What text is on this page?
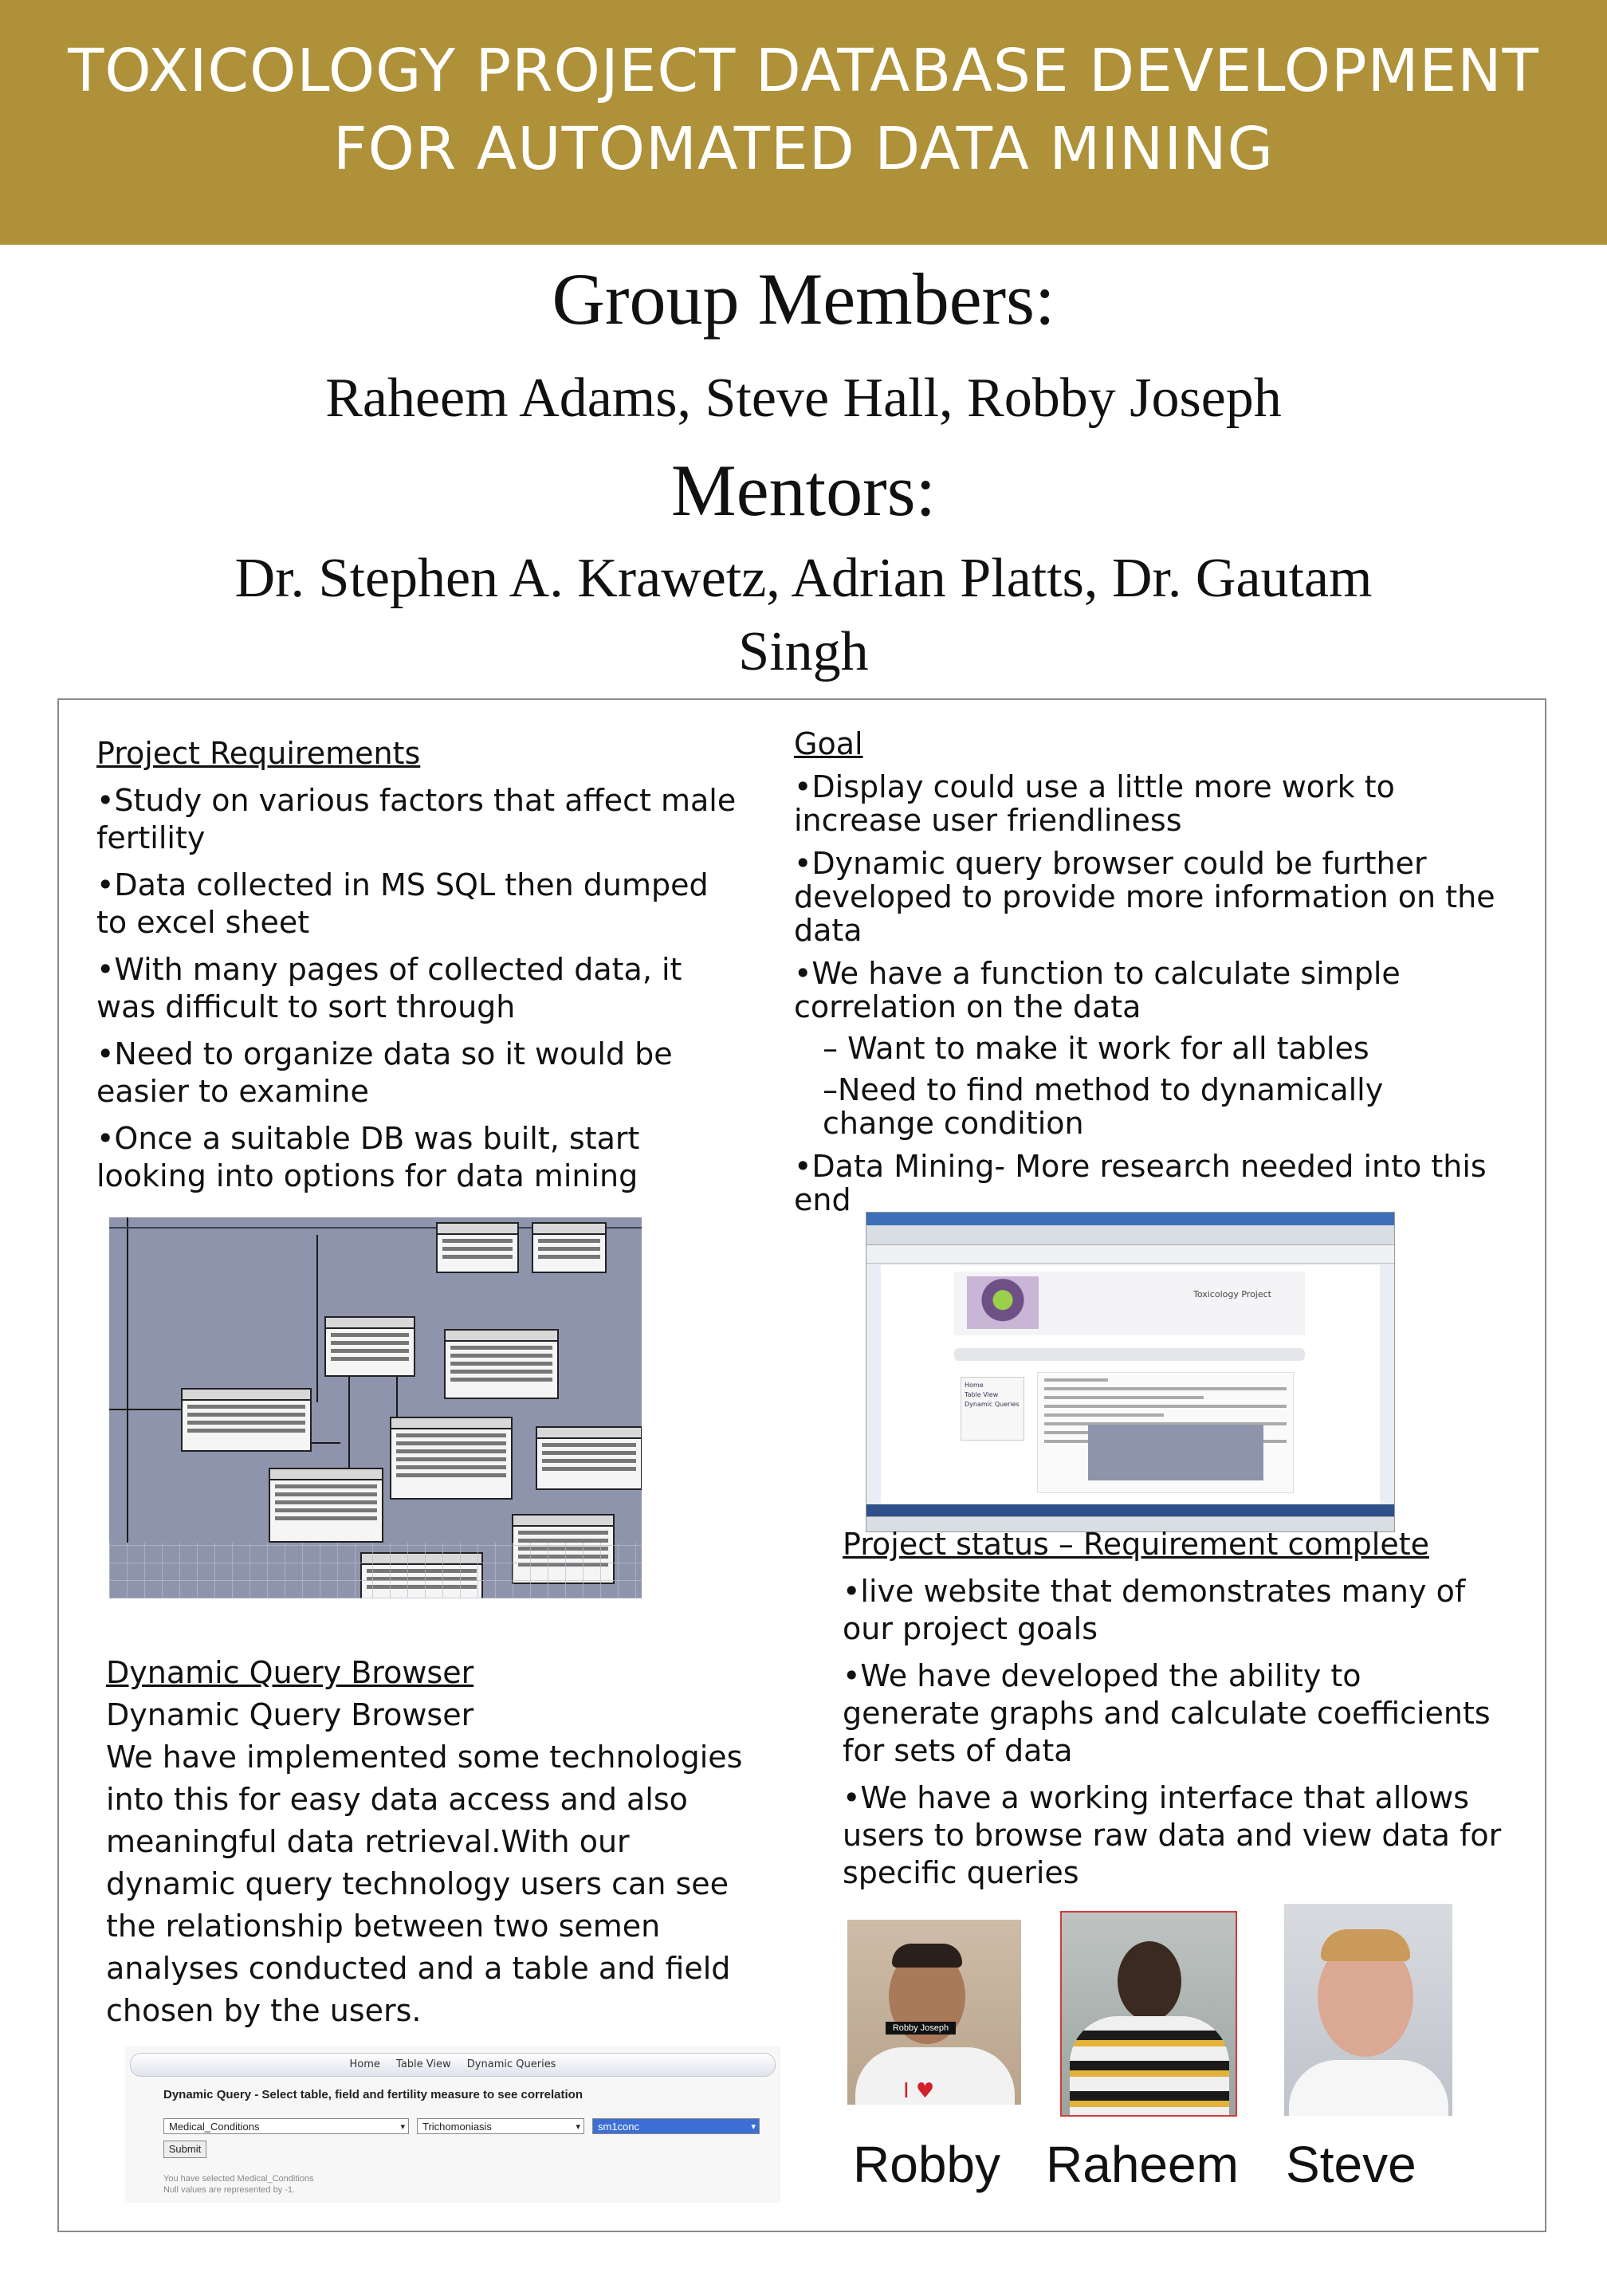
TOXICOLOGY PROJECT DATABASE DEVELOPMENT
FOR AUTOMATED DATA MINING
Group Members:
Raheem Adams, Steve Hall, Robby Joseph
Mentors:
Dr. Stephen A. Krawetz, Adrian Platts, Dr. Gautam
Singh
Project Requirements
•Study on various factors that affect male fertility
•Data collected in MS SQL then dumped to excel sheet
•With many pages of collected data, it was difficult to sort through
•Need to organize data so it would be easier to examine
•Once a suitable DB was built, start looking into options for data mining
Goal
•Display could use a little more work to increase user friendliness
•Dynamic query browser could be further developed to provide more information on the data
•We have a function to calculate simple correlation on the data
– Want to make it work for all tables
–Need to find method to dynamically change condition
•Data Mining- More research needed into this end
Toxicology Project
Home
Table View
Dynamic Queries
Project status – Requirement complete
•live website that demonstrates many of our project goals
•We have developed the ability to generate graphs and calculate coefficients for sets of data
•We have a working interface that allows users to browse raw data and view data for specific queries
Dynamic Query Browser
Dynamic Query Browser
We have implemented some technologies into this for easy data access and also meaningful data retrieval.With our dynamic query technology users can see the relationship between two semen analyses conducted and a table and field chosen by the users.
Home Table View Dynamic Queries
Dynamic Query - Select table, field and fertility measure to see correlation
Medical_Conditions ▾	Trichomoniasis ▾	sm1conc ▾
Submit
You have selected Medical_Conditions
Null values are represented by -1.
Robby Joseph
I ♥
Robby Raheem Steve
